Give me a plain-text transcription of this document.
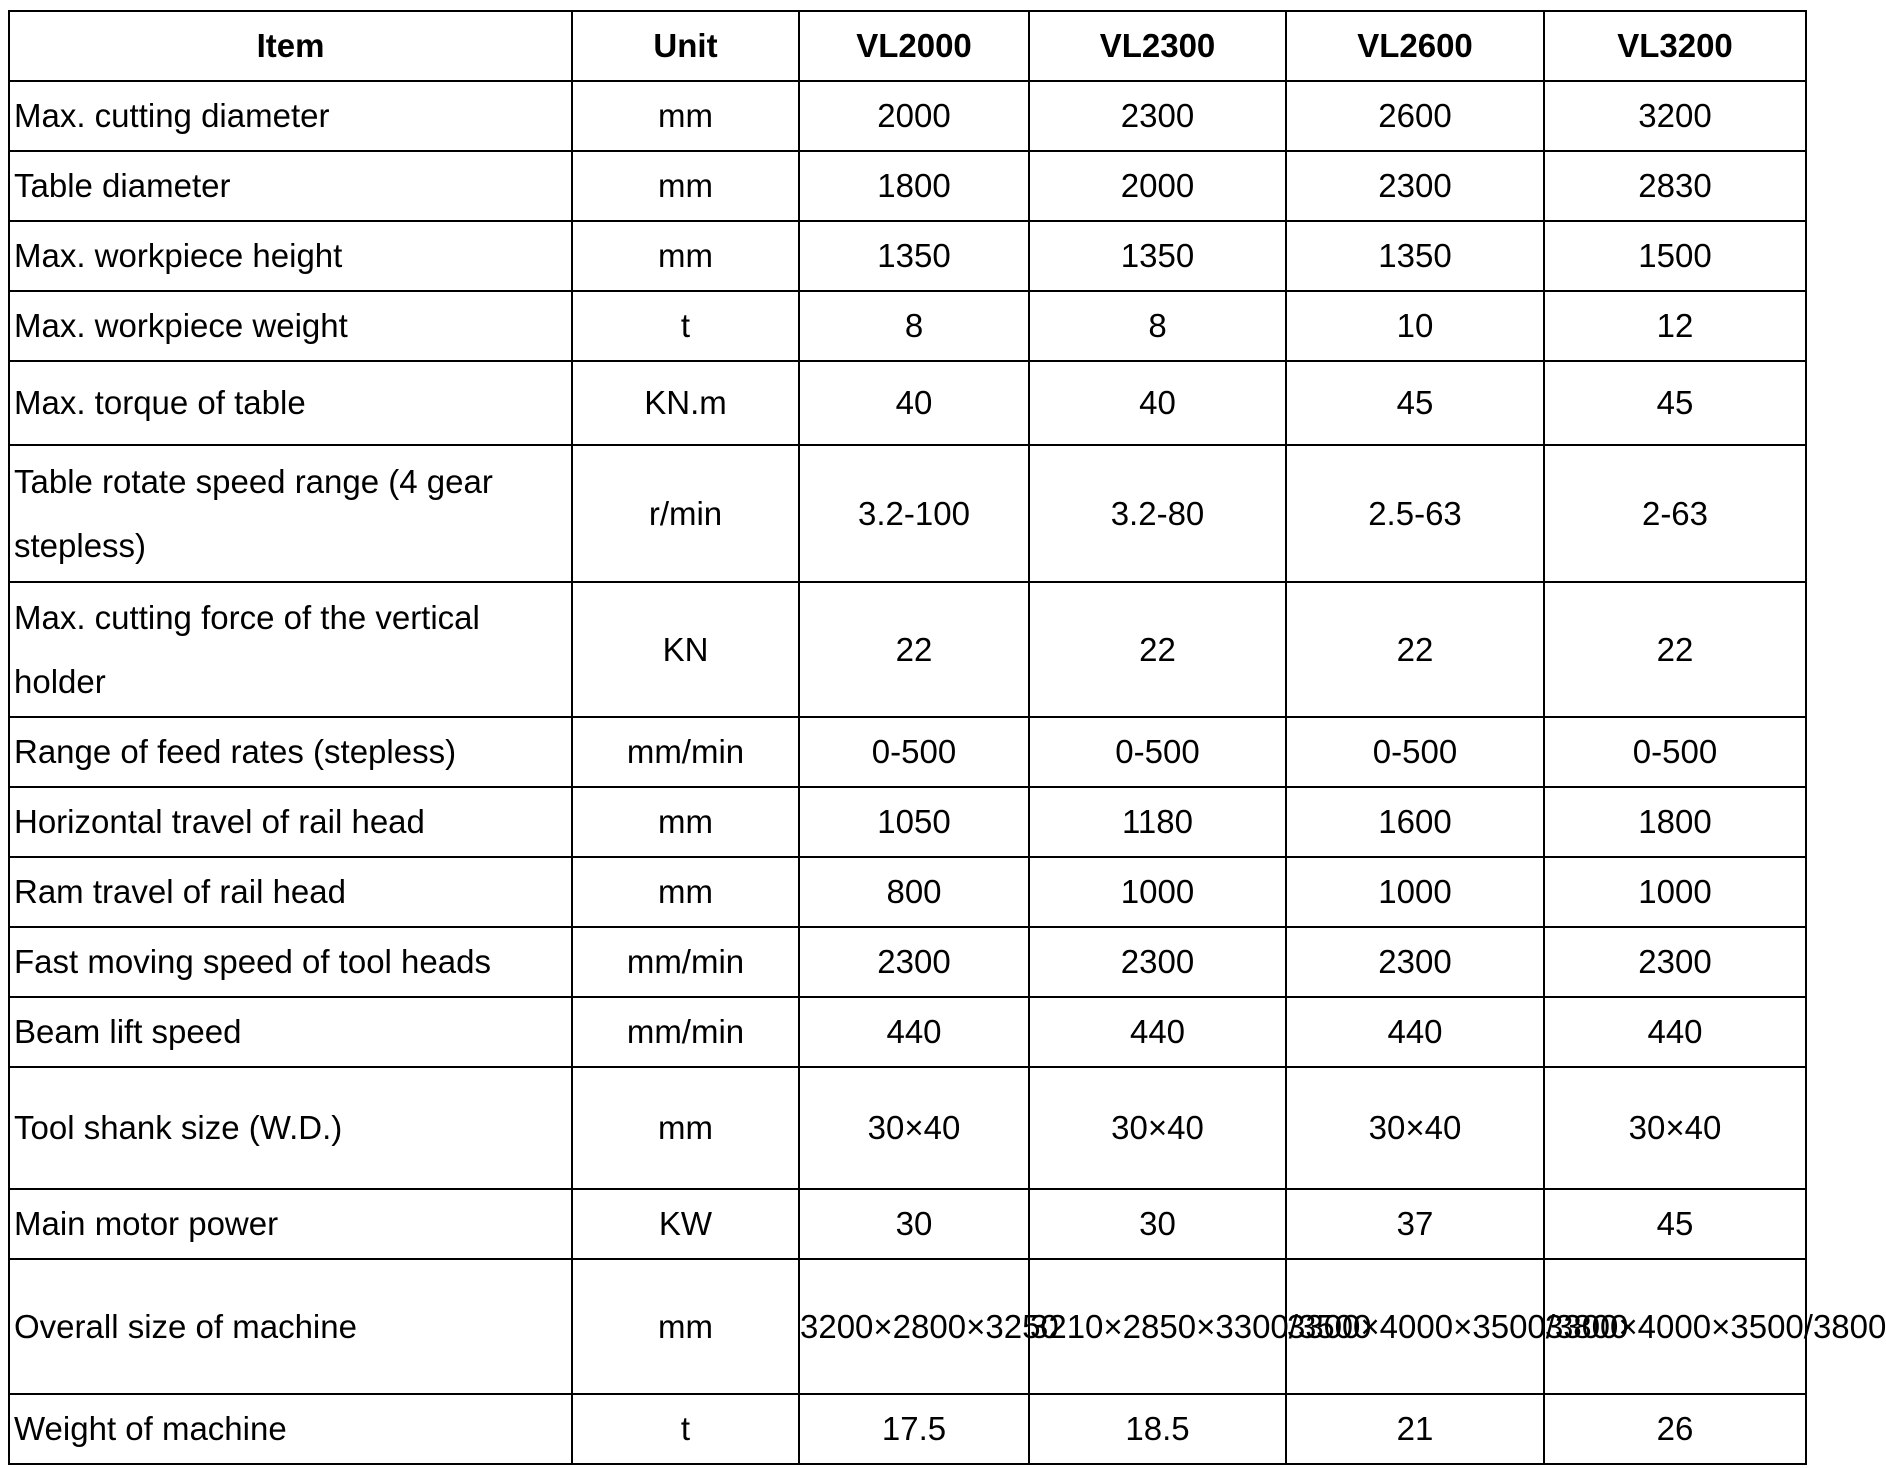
Item	Unit	VL2000	VL2300	VL2600	VL3200
Max. cutting diameter	mm	2000	2300	2600	3200
Table diameter	mm	1800	2000	2300	2830
Max. workpiece height	mm	1350	1350	1350	1500
Max. workpiece weight	t	8	8	10	12
Max. torque of table	KN.m	40	40	45	45
Table rotate speed range (4 gear stepless)	r/min	3.2-100	3.2-80	2.5-63	2-63
Max. cutting force of the vertical holder	KN	22	22	22	22
Range of feed rates (stepless)	mm/min	0-500	0-500	0-500	0-500
Horizontal travel of rail head	mm	1050	1180	1600	1800
Ram travel of rail head	mm	800	1000	1000	1000
Fast moving speed of tool heads	mm/min	2300	2300	2300	2300
Beam lift speed	mm/min	440	440	440	440
Tool shank size (W.D.)	mm	30×40	30×40	30×40	30×40
Main motor power	KW	30	30	37	45
Overall size of machine	mm	3200×2800×3250	3210×2850×3300/3500	3300×4000×3500/3800	3300×4000×3500/3800
Weight of machine	t	17.5	18.5	21	26
